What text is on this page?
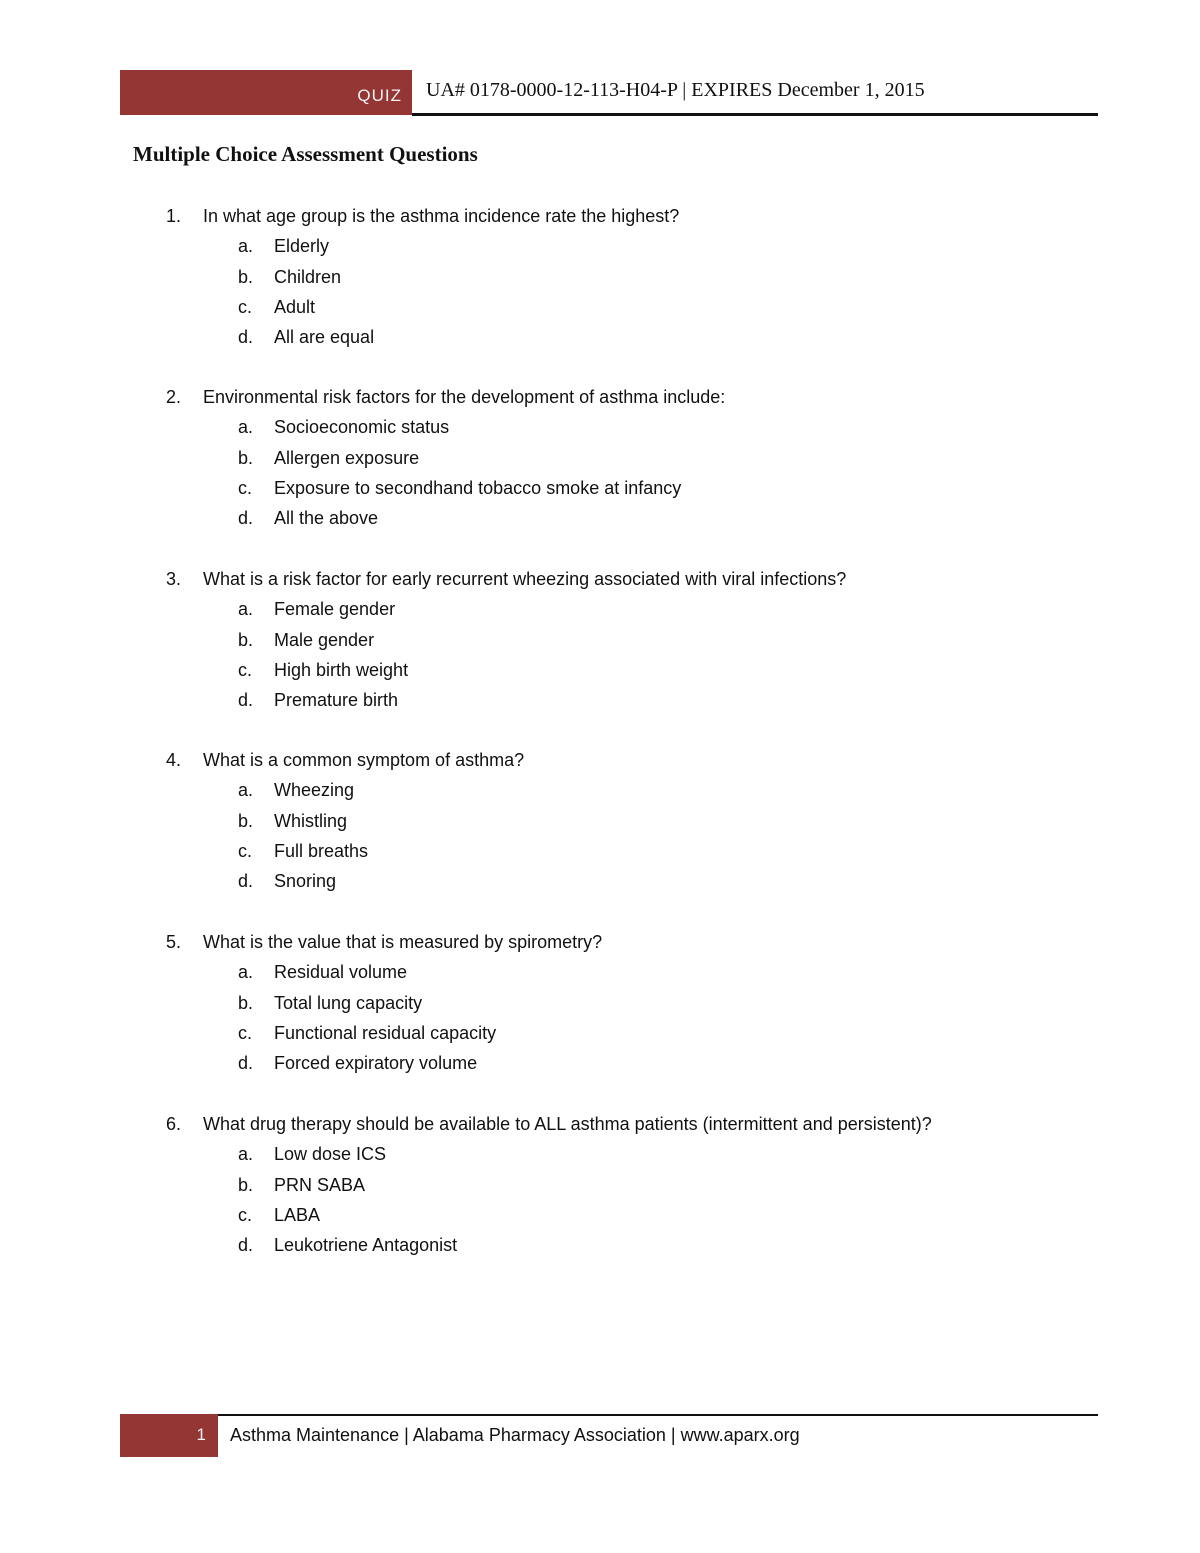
QUIZ UA# 0178-0000-12-113-H04-P | EXPIRES December 1, 2015
Multiple Choice Assessment Questions
1.	In what age group is the asthma incidence rate the highest?
a. Elderly
b. Children
c. Adult
d. All are equal
2.	Environmental risk factors for the development of asthma include:
a. Socioeconomic status
b. Allergen exposure
c. Exposure to secondhand tobacco smoke at infancy
d. All the above
3.	What is a risk factor for early recurrent wheezing associated with viral infections?
a. Female gender
b. Male gender
c. High birth weight
d. Premature birth
4.	What is a common symptom of asthma?
a. Wheezing
b. Whistling
c. Full breaths
d. Snoring
5.	What is the value that is measured by spirometry?
a. Residual volume
b. Total lung capacity
c. Functional residual capacity
d. Forced expiratory volume
6.	What drug therapy should be available to ALL asthma patients (intermittent and persistent)?
a. Low dose ICS
b. PRN SABA
c. LABA
d. Leukotriene Antagonist
1 Asthma Maintenance | Alabama Pharmacy Association | www.aparx.org
